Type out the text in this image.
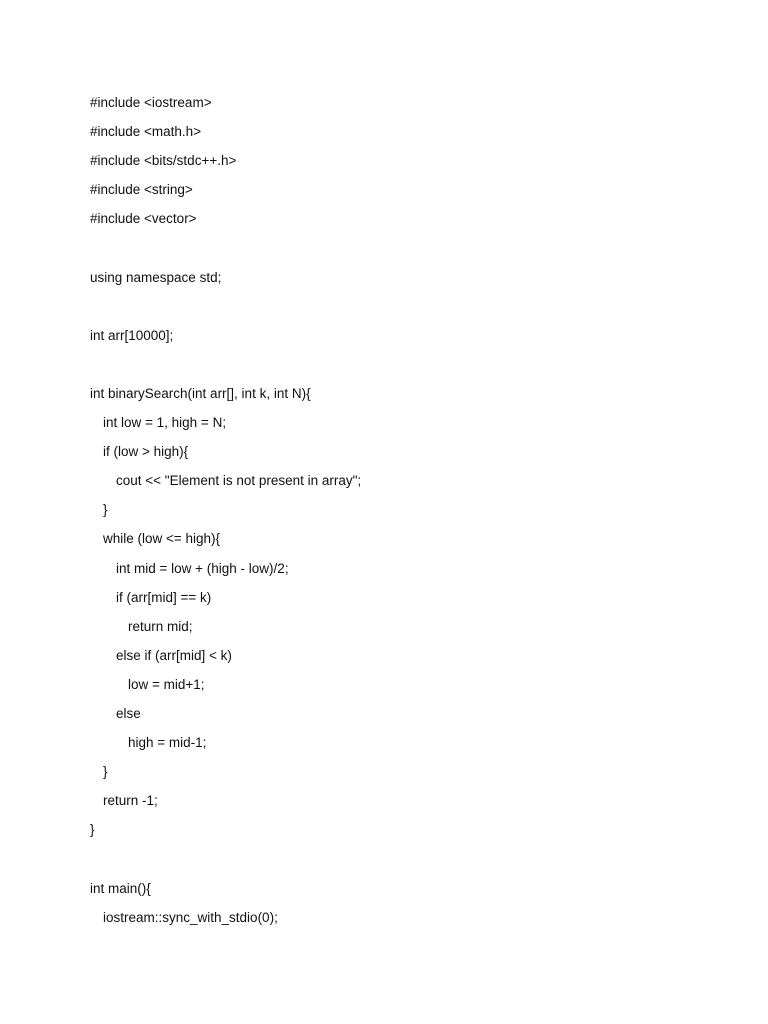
#include <iostream>
#include <math.h>
#include <bits/stdc++.h>
#include <string>
#include <vector>
using namespace std;
int arr[10000];
int binarySearch(int arr[], int k, int N){
int low = 1, high = N;
if (low > high){
cout << "Element is not present in array";
}
while (low <= high){
int mid = low + (high - low)/2;
if (arr[mid] == k)
return mid;
else if (arr[mid] < k)
low = mid+1;
else
high = mid-1;
}
return -1;
}
int main(){
iostream::sync_with_stdio(0);
